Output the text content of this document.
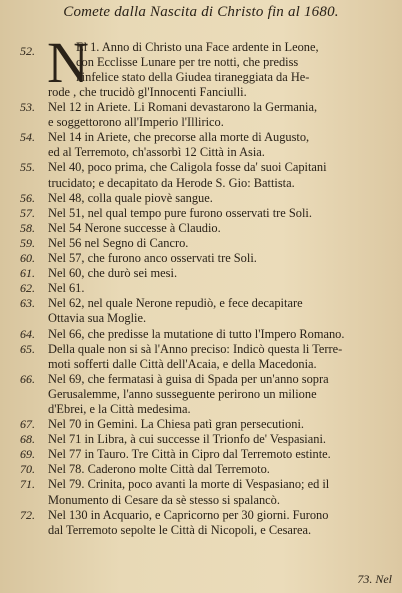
Comete dalla Nascita di Christo fin al 1680.
52. N
El 1. Anno di Christo una Face ardente in Leone,
con Ecclisse Lunare per tre notti, che prediss
l'infelice stato della Giudea tiraneggiata da He-
rode , che trucidò gl'Innocenti Fanciulli.
53. Nel 12 in Ariete. Li Romani devastarono la Germania,
e soggettorono all'Imperio l'Illirico.
54. Nel 14 in Ariete, che precorse alla morte di Augusto,
ed al Terremoto, ch'assorbì 12 Città in Asia.
55. Nel 40, poco prima, che Caligola fosse da' suoi Capitani
trucidato; e decapitato da Herode S. Gio: Battista.
56. Nel 48, colla quale piovè sangue.
57. Nel 51, nel qual tempo pure furono osservati tre Soli.
58. Nel 54 Nerone successe à Claudio.
59. Nel 56 nel Segno di Cancro.
60. Nel 57, che furono anco osservati tre Soli.
61. Nel 60, che durò sei mesi.
62. Nel 61.
63. Nel 62, nel quale Nerone repudiò, e fece decapitare
Ottavia sua Moglie.
64. Nel 66, che predisse la mutatione di tutto l'Impero Romano.
65. Della quale non si sà l'Anno preciso: Indicò questa li Terre-
moti sofferti dalle Città dell'Acaia, e della Macedonia.
66. Nel 69, che fermatasi à guisa di Spada per un'anno sopra
Gerusalemme, l'anno susseguente perirono un milione
d'Ebrei, e la Città medesima.
67. Nel 70 in Gemini. La Chiesa patì gran persecutioni.
68. Nel 71 in Libra, à cui successe il Trionfo de' Vespasiani.
69. Nel 77 in Tauro. Tre Città in Cipro dal Terremoto estinte.
70. Nel 78. Caderono molte Città dal Terremoto.
71. Nel 79. Crinita, poco avanti la morte di Vespasiano; ed il
Monumento di Cesare da sè stesso si spalancò.
72. Nel 130 in Acquario, e Capricorno per 30 giorni. Furono
dal Terremoto sepolte le Città di Nicopoli, e Cesarea.
73. Nel
